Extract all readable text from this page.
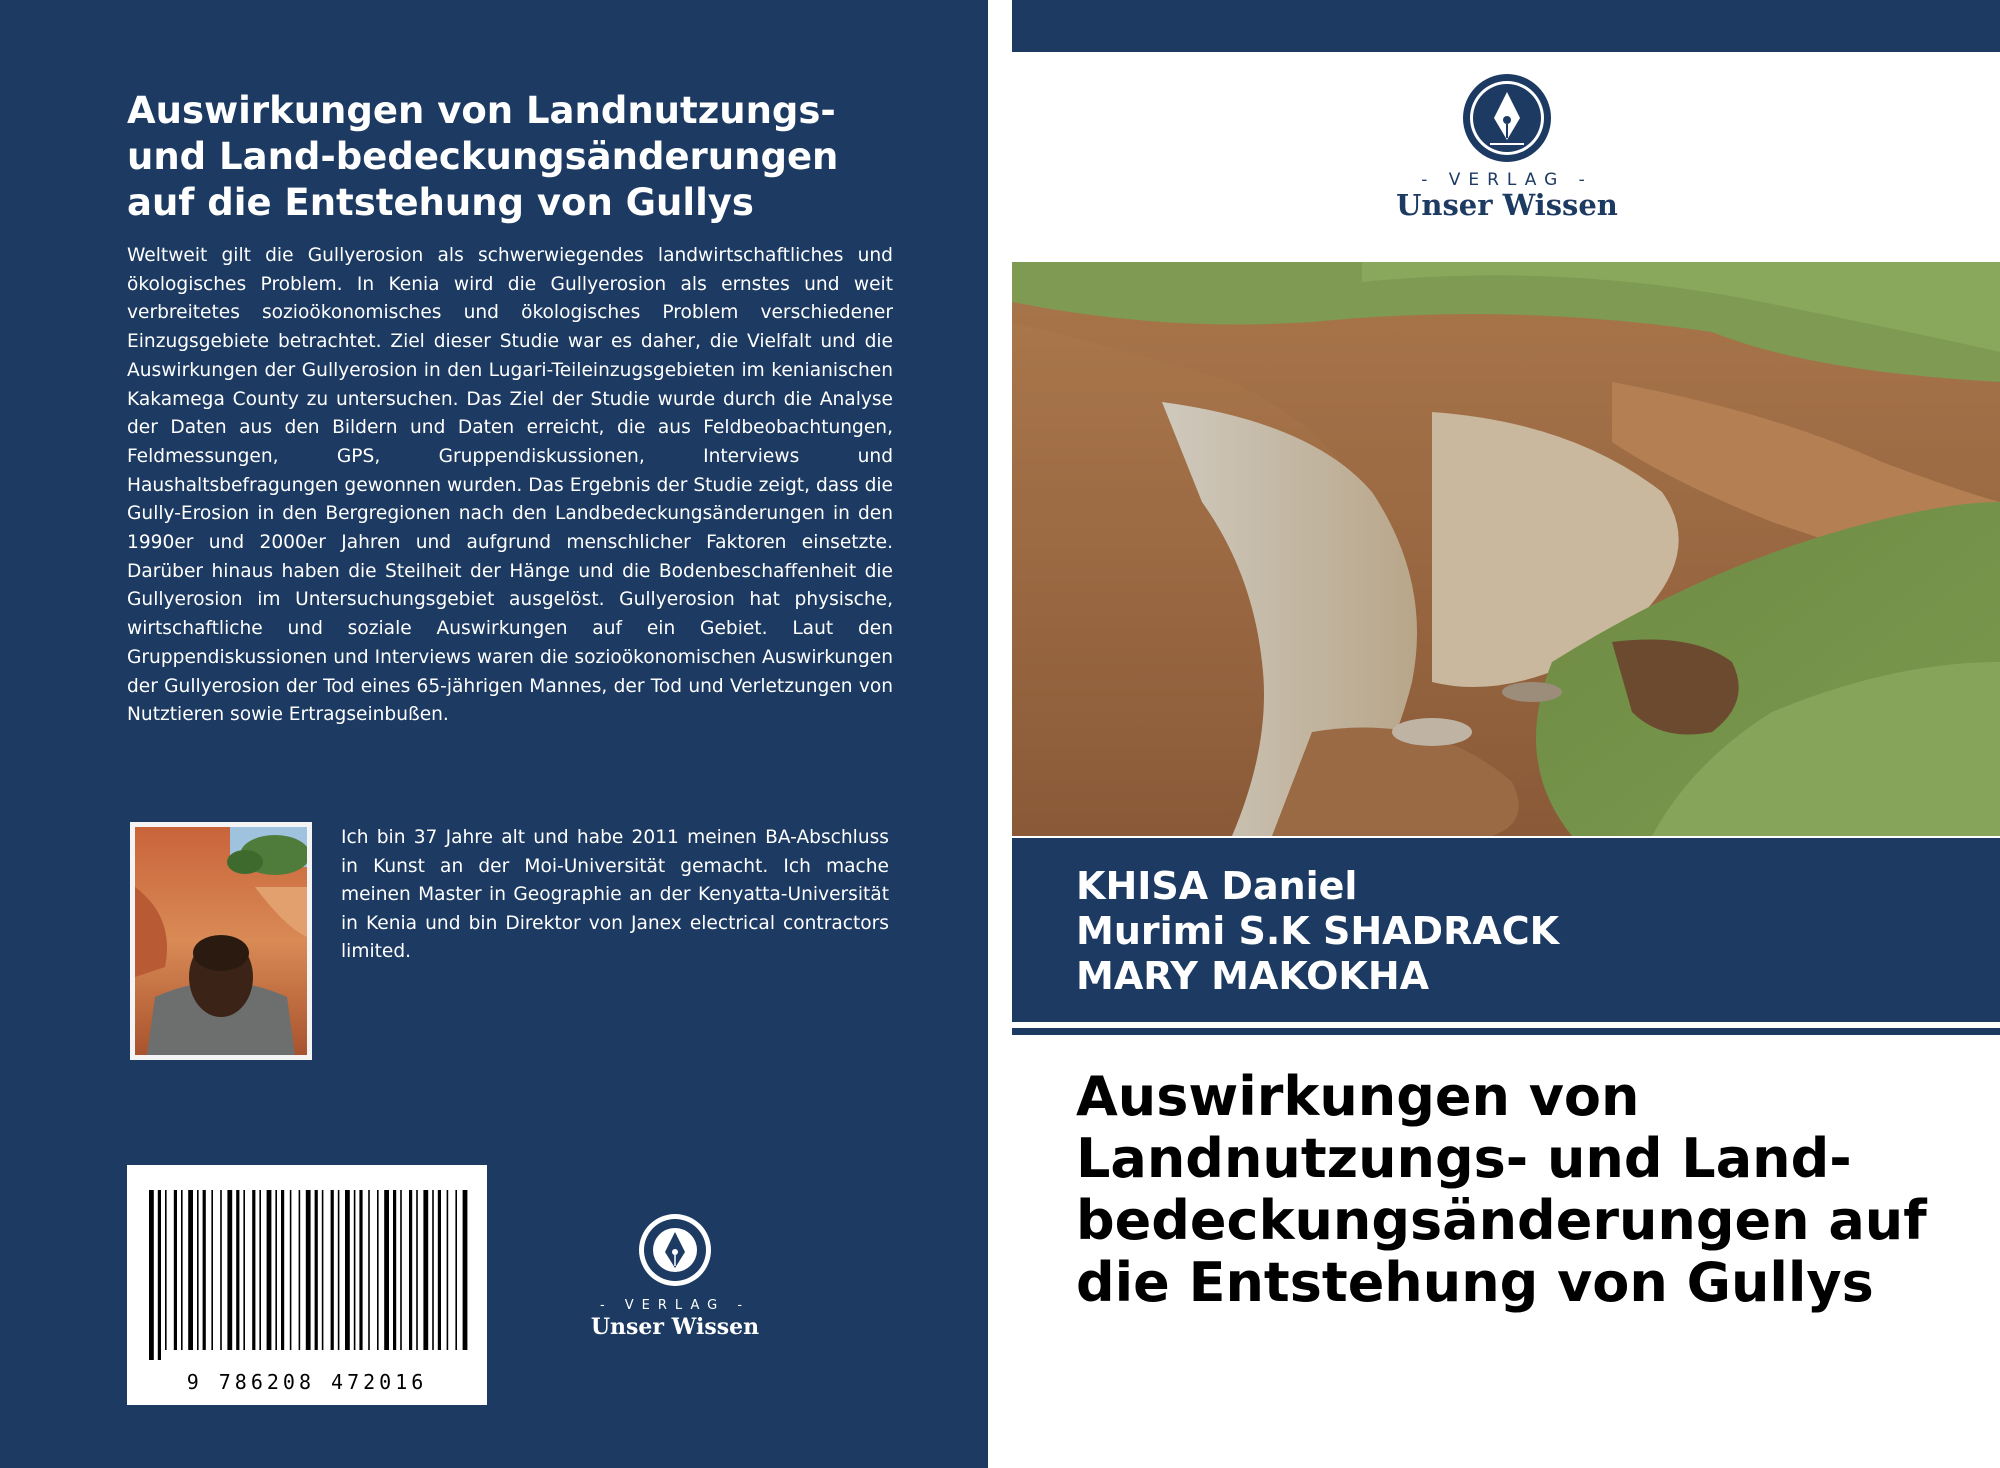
Auswirkungen von Landnutzungs- und Land-bedeckungsänderungen auf die Entstehung von Gullys
Weltweit gilt die Gullyerosion als schwerwiegendes landwirtschaftliches und ökologisches Problem. In Kenia wird die Gullyerosion als ernstes und weit verbreitetes sozioökonomisches und ökologisches Problem verschiedener Einzugsgebiete betrachtet. Ziel dieser Studie war es daher, die Vielfalt und die Auswirkungen der Gullyerosion in den Lugari-Teileinzugsgebieten im kenianischen Kakamega County zu untersuchen. Das Ziel der Studie wurde durch die Analyse der Daten aus den Bildern und Daten erreicht, die aus Feldbeobachtungen, Feldmessungen, GPS, Gruppendiskussionen, Interviews und Haushaltsbefragungen gewonnen wurden. Das Ergebnis der Studie zeigt, dass die Gully-Erosion in den Bergregionen nach den Landbedeckungsänderungen in den 1990er und 2000er Jahren und aufgrund menschlicher Faktoren einsetzte. Darüber hinaus haben die Steilheit der Hänge und die Bodenbeschaffenheit die Gullyerosion im Untersuchungsgebiet ausgelöst. Gullyerosion hat physische, wirtschaftliche und soziale Auswirkungen auf ein Gebiet. Laut den Gruppendiskussionen und Interviews waren die sozioökonomischen Auswirkungen der Gullyerosion der Tod eines 65-jährigen Mannes, der Tod und Verletzungen von Nutztieren sowie Ertragseinbußen.
Ich bin 37 Jahre alt und habe 2011 meinen BA-Abschluss in Kunst an der Moi-Universität gemacht. Ich mache meinen Master in Geographie an der Kenyatta-Universität in Kenia und bin Direktor von Janex electrical contractors limited.
9 786208 472016
- VERLAG -
Unser Wissen
- VERLAG -
Unser Wissen
KHISA Daniel
Murimi S.K SHADRACK
MARY MAKOKHA
Auswirkungen von Landnutzungs- und Land-bedeckungsänderungen auf die Entstehung von Gullys
